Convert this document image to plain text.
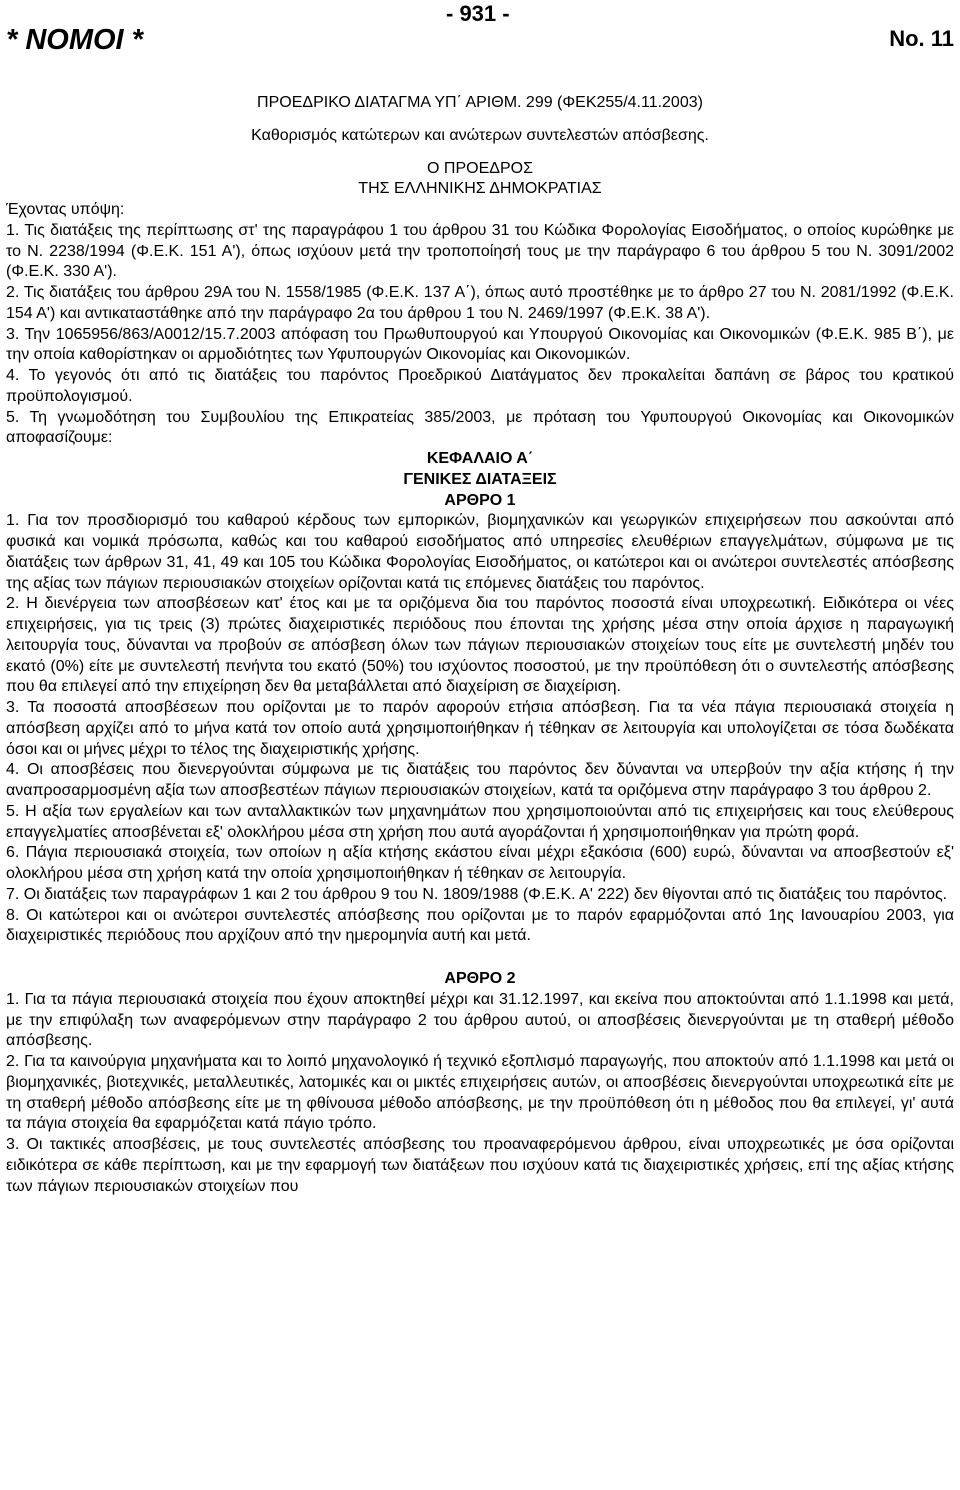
- 931 -
* ΝΟΜΟΙ *	No. 11

ΠΡΟΕΔΡΙΚΟ ΔΙΑΤΑΓΜΑ ΥΠ΄ ΑΡΙΘΜ. 299 (ΦΕΚ255/4.11.2003)

Καθορισμός κατώτερων και ανώτερων συντελεστών απόσβεσης.

Ο ΠΡΟΕΔΡΟΣ

ΤΗΣ ΕΛΛΗΝΙΚΗΣ ΔΗΜΟΚΡΑΤΙΑΣ

Έχοντας υπόψη:

1. Τις διατάξεις της περίπτωσης στ' της παραγράφου 1 του άρθρου 31 του Κώδικα Φορολογίας Εισοδήματος, ο οποίος κυρώθηκε με το Ν. 2238/1994 (Φ.Ε.Κ. 151 Α'), όπως ισχύουν μετά την τροποποίησή τους με την παράγραφο 6 του άρθρου 5 του Ν. 3091/2002 (Φ.Ε.Κ. 330 Α').

2. Τις διατάξεις του άρθρου 29Α του Ν. 1558/1985 (Φ.Ε.Κ. 137 Α΄), όπως αυτό προστέθηκε με το άρθρο 27 του Ν. 2081/1992 (Φ.Ε.Κ. 154 Α') και αντικαταστάθηκε από την παράγραφο 2α του άρθρου 1 του Ν. 2469/1997 (Φ.Ε.Κ. 38 Α').

3. Την 1065956/863/Α0012/15.7.2003 απόφαση του Πρωθυπουργού και Υπουργού Οικονομίας και Οικονομικών (Φ.Ε.Κ. 985 Β΄), με την οποία καθορίστηκαν οι αρμοδιότητες των Υφυπουργών Οικονομίας και Οικονομικών.

4. Το γεγονός ότι από τις διατάξεις του παρόντος Προεδρικού Διατάγματος δεν προκαλείται δαπάνη σε βάρος του κρατικού προϋπολογισμού.

5. Τη γνωμοδότηση του Συμβουλίου της Επικρατείας 385/2003, με πρόταση του Υφυπουργού Οικονομίας και Οικονομικών αποφασίζουμε:

ΚΕΦΑΛΑΙΟ Α΄

ΓΕΝΙΚΕΣ ΔΙΑΤΑΞΕΙΣ

ΑΡΘΡΟ 1

1. Για τον προσδιορισμό του καθαρού κέρδους των εμπορικών, βιομηχανικών και γεωργικών επιχειρήσεων που ασκούνται από φυσικά και νομικά πρόσωπα, καθώς και του καθαρού εισοδήματος από υπηρεσίες ελευθέριων επαγγελμάτων, σύμφωνα με τις διατάξεις των άρθρων 31, 41, 49 και 105 του Κώδικα Φορολογίας Εισοδήματος, οι κατώτεροι και οι ανώτεροι συντελεστές απόσβεσης της αξίας των πάγιων περιουσιακών στοιχείων ορίζονται κατά τις επόμενες διατάξεις του παρόντος.

2. Η διενέργεια των αποσβέσεων κατ' έτος και με τα οριζόμενα δια του παρόντος ποσοστά είναι υποχρεωτική. Ειδικότερα οι νέες επιχειρήσεις, για τις τρεις (3) πρώτες διαχειριστικές περιόδους που έπονται της χρήσης μέσα στην οποία άρχισε η παραγωγική λειτουργία τους, δύνανται να προβούν σε απόσβεση όλων των πάγιων περιουσιακών στοιχείων τους είτε με συντελεστή μηδέν του εκατό (0%) είτε με συντελεστή πενήντα του εκατό (50%) του ισχύοντος ποσοστού, με την προϋπόθεση ότι ο συντελεστής απόσβεσης που θα επιλεγεί από την επιχείρηση δεν θα μεταβάλλεται από διαχείριση σε διαχείριση.

3. Τα ποσοστά αποσβέσεων που ορίζονται με το παρόν αφορούν ετήσια απόσβεση. Για τα νέα πάγια περιουσιακά στοιχεία η απόσβεση αρχίζει από το μήνα κατά τον οποίο αυτά χρησιμοποιήθηκαν ή τέθηκαν σε λειτουργία και υπολογίζεται σε τόσα δωδέκατα όσοι και οι μήνες μέχρι το τέλος της διαχειριστικής χρήσης.

4. Οι αποσβέσεις που διενεργούνται σύμφωνα με τις διατάξεις του παρόντος δεν δύνανται να υπερβούν την αξία κτήσης ή την αναπροσαρμοσμένη αξία των αποσβεστέων πάγιων περιουσιακών στοιχείων, κατά τα οριζόμενα στην παράγραφο 3 του άρθρου 2.

5. Η αξία των εργαλείων και των ανταλλακτικών των μηχανημάτων που χρησιμοποιούνται από τις επιχειρήσεις και τους ελεύθερους επαγγελματίες αποσβένεται εξ' ολοκλήρου μέσα στη χρήση που αυτά αγοράζονται ή χρησιμοποιήθηκαν για πρώτη φορά.

6. Πάγια περιουσιακά στοιχεία, των οποίων η αξία κτήσης εκάστου είναι μέχρι εξακόσια (600) ευρώ, δύνανται να αποσβεστούν εξ' ολοκλήρου μέσα στη χρήση κατά την οποία χρησιμοποιήθηκαν ή τέθηκαν σε λειτουργία.

7. Οι διατάξεις των παραγράφων 1 και 2 του άρθρου 9 του Ν. 1809/1988 (Φ.Ε.Κ. Α' 222) δεν θίγονται από τις διατάξεις του παρόντος.

8. Οι κατώτεροι και οι ανώτεροι συντελεστές απόσβεσης που ορίζονται με το παρόν εφαρμόζονται από 1ης Ιανουαρίου 2003, για διαχειριστικές περιόδους που αρχίζουν από την ημερομηνία αυτή και μετά.

ΑΡΘΡΟ 2

1. Για τα πάγια περιουσιακά στοιχεία που έχουν αποκτηθεί μέχρι και 31.12.1997, και εκείνα που αποκτούνται από 1.1.1998 και μετά, με την επιφύλαξη των αναφερόμενων στην παράγραφο 2 του άρθρου αυτού, οι αποσβέσεις διενεργούνται με τη σταθερή μέθοδο απόσβεσης.

2. Για τα καινούργια μηχανήματα και το λοιπό μηχανολογικό ή τεχνικό εξοπλισμό παραγωγής, που αποκτούν από 1.1.1998 και μετά οι βιομηχανικές, βιοτεχνικές, μεταλλευτικές, λατομικές και οι μικτές επιχειρήσεις αυτών, οι αποσβέσεις διενεργούνται υποχρεωτικά είτε με τη σταθερή μέθοδο απόσβεσης είτε με τη φθίνουσα μέθοδο απόσβεσης, με την προϋπόθεση ότι η μέθοδος που θα επιλεγεί, γι' αυτά τα πάγια στοιχεία θα εφαρμόζεται κατά πάγιο τρόπο.

3. Οι τακτικές αποσβέσεις, με τους συντελεστές απόσβεσης του προαναφερόμενου άρθρου, είναι υποχρεωτικές με όσα ορίζονται ειδικότερα σε κάθε περίπτωση, και με την εφαρμογή των διατάξεων που ισχύουν κατά τις διαχειριστικές χρήσεις, επί της αξίας κτήσης των πάγιων περιουσιακών στοιχείων που
